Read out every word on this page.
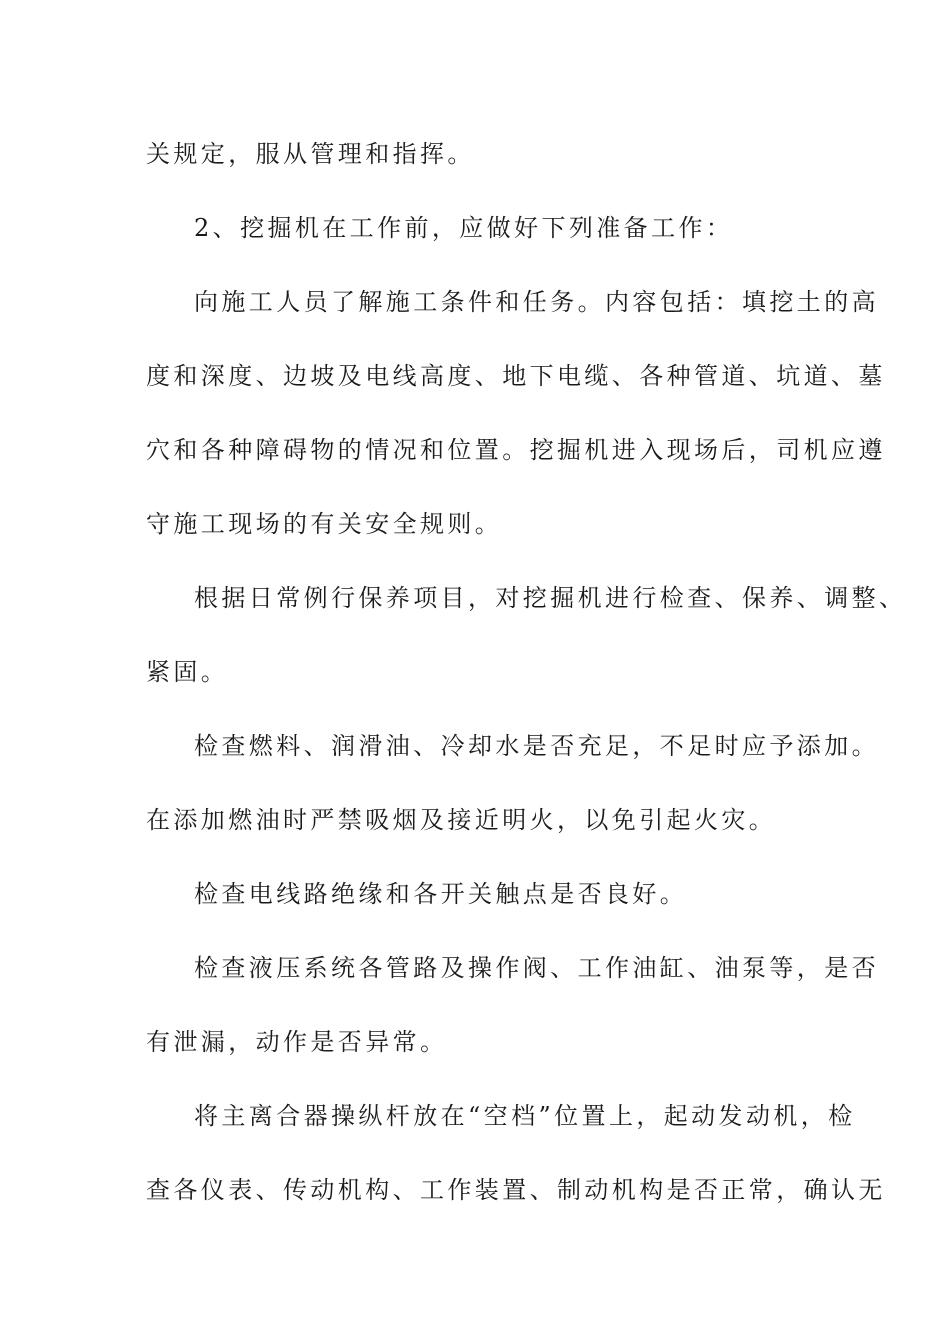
关规定，服从管理和指挥。

2、挖掘机在工作前，应做好下列准备工作：

向施工人员了解施工条件和任务。内容包括：填挖土的高

度和深度、边坡及电线高度、地下电缆、各种管道、坑道、墓

穴和各种障碍物的情况和位置。挖掘机进入现场后，司机应遵

守施工现场的有关安全规则。

根据日常例行保养项目，对挖掘机进行检查、保养、调整、

紧固。

检查燃料、润滑油、冷却水是否充足，不足时应予添加。

在添加燃油时严禁吸烟及接近明火，以免引起火灾。

检查电线路绝缘和各开关触点是否良好。

检查液压系统各管路及操作阀、工作油缸、油泵等，是否

有泄漏，动作是否异常。

将主离合器操纵杆放在“空档”位置上，起动发动机，检

查各仪表、传动机构、工作装置、制动机构是否正常，确认无
